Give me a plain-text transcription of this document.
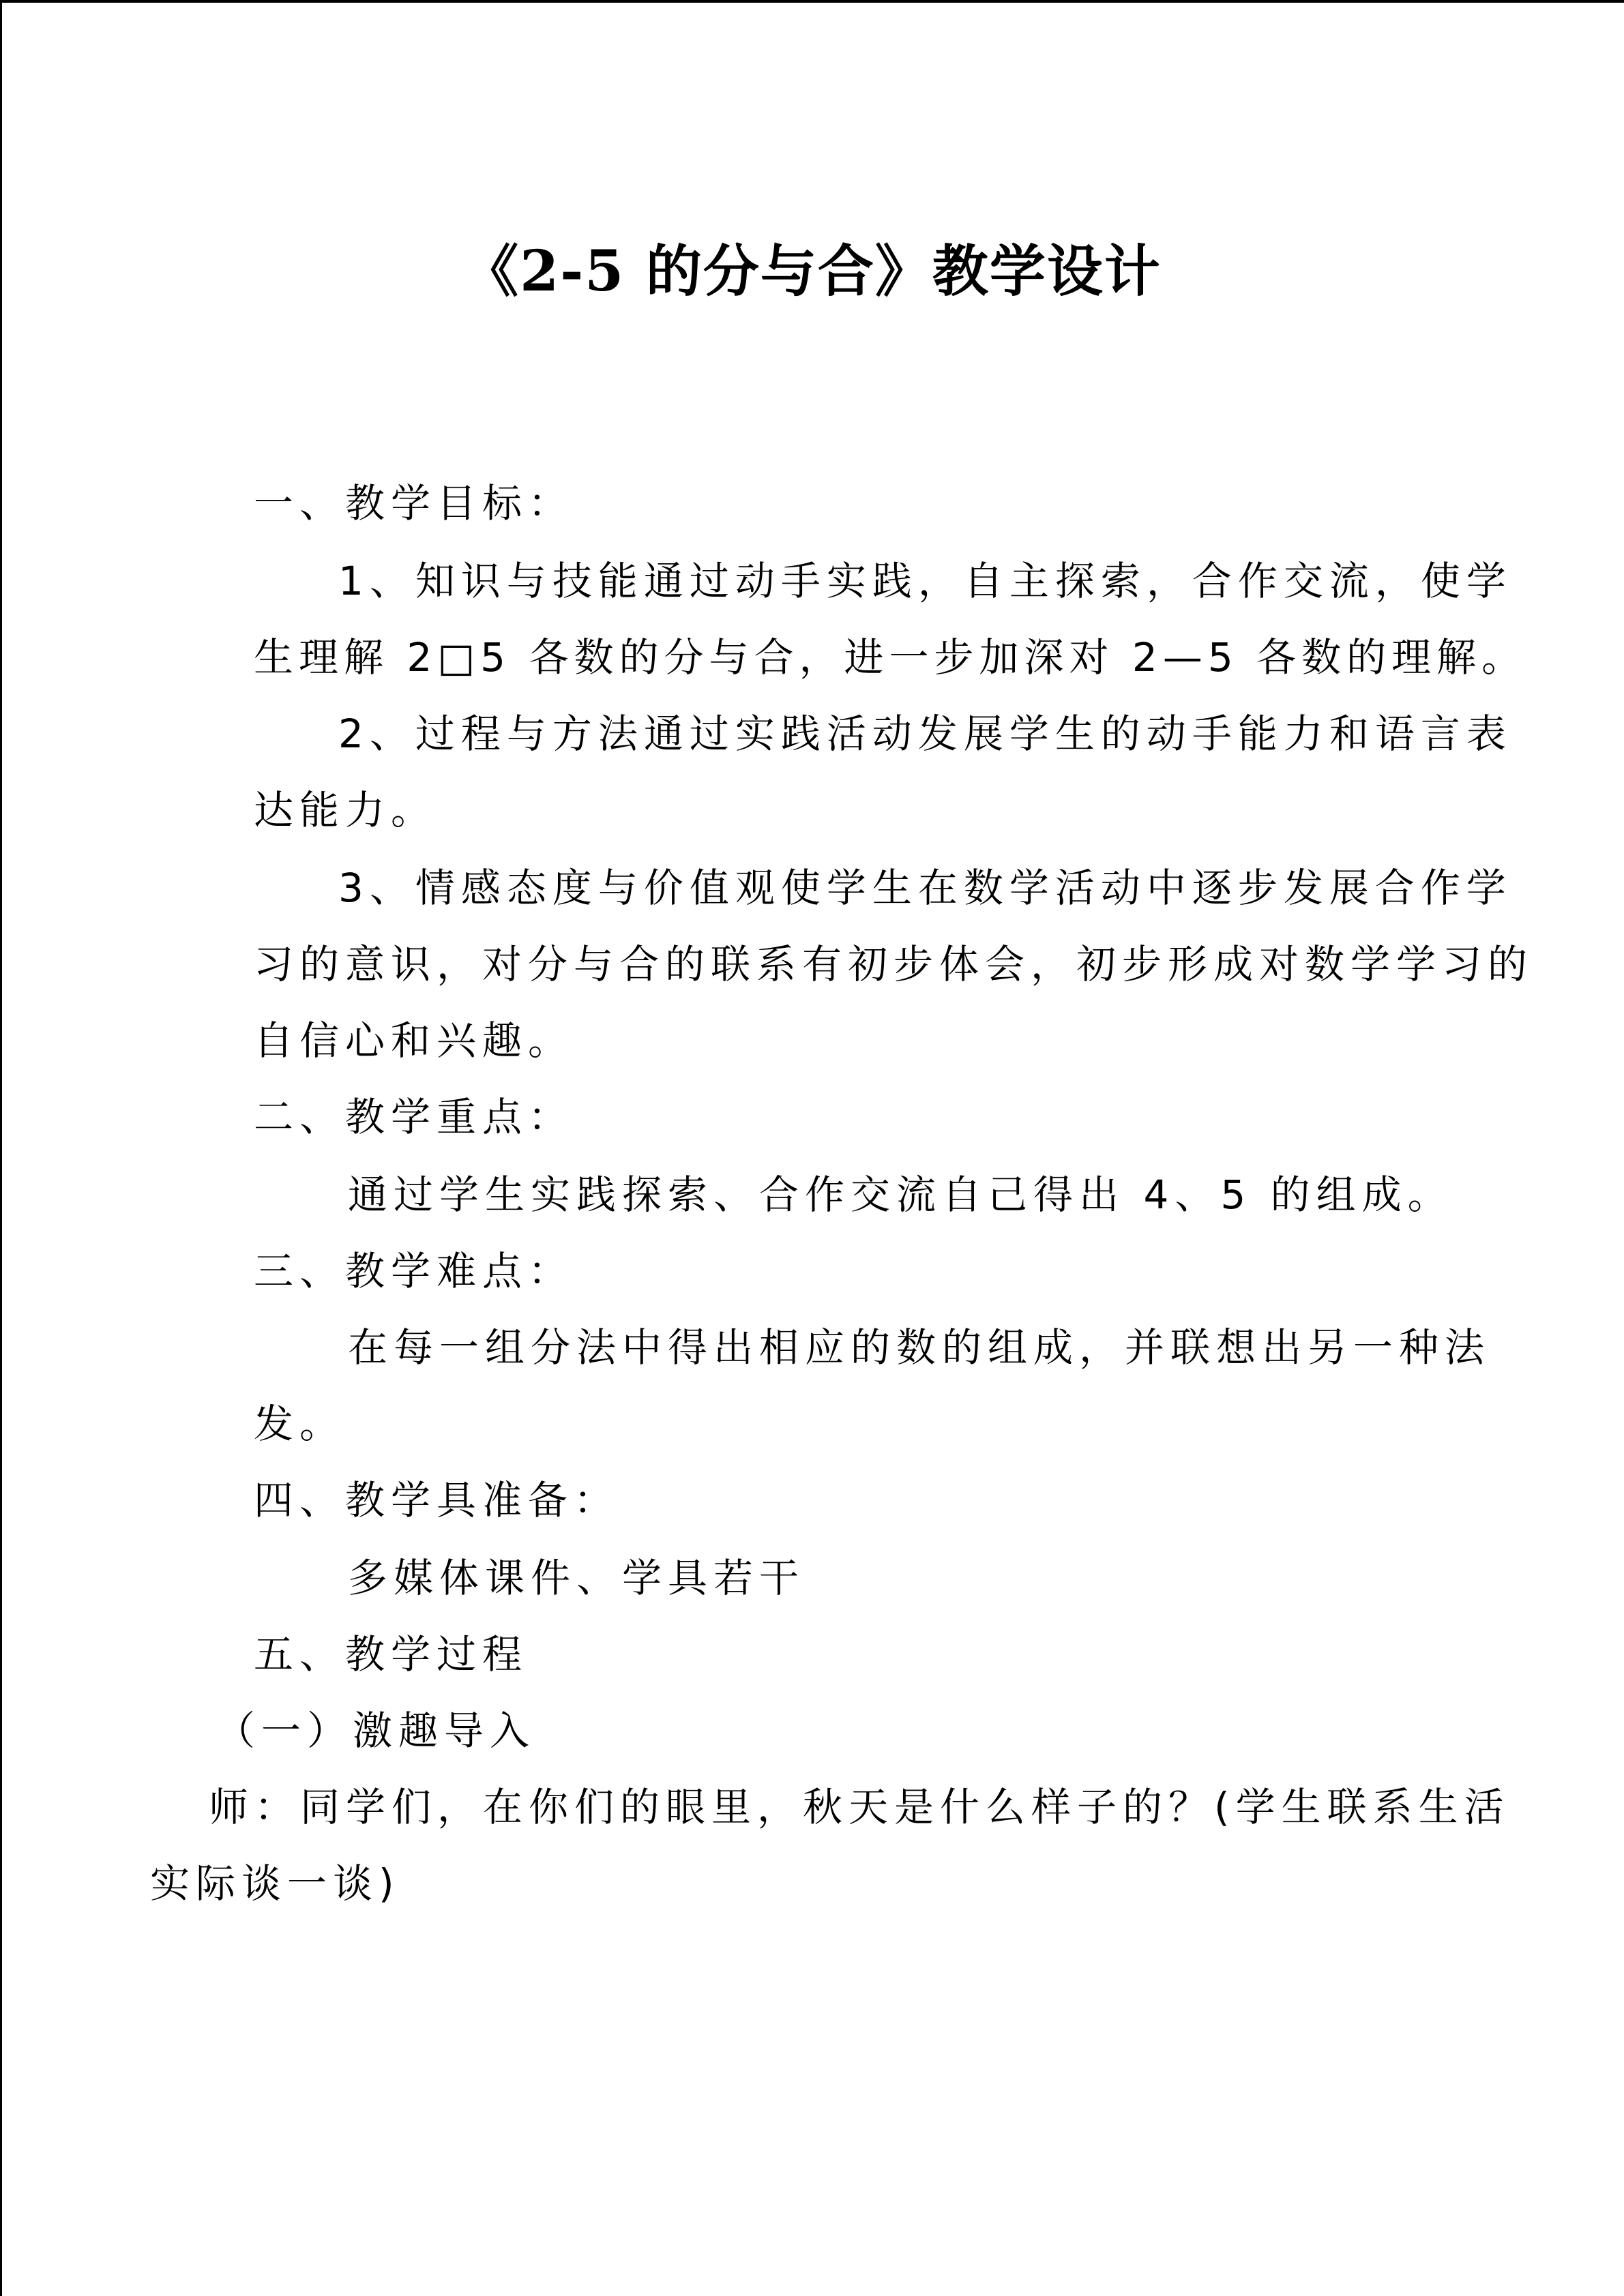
《2-5 的分与合》教学设计
一、教学目标：
1、知识与技能通过动手实践，自主探索，合作交流，使学
生理解 2□5 各数的分与合，进一步加深对 2—5 各数的理解。
2、过程与方法通过实践活动发展学生的动手能力和语言表
达能力。
3、情感态度与价值观使学生在数学活动中逐步发展合作学
习的意识，对分与合的联系有初步体会，初步形成对数学学习的
自信心和兴趣。
二、教学重点：
通过学生实践探索、合作交流自己得出 4、5 的组成。
三、教学难点：
在每一组分法中得出相应的数的组成，并联想出另一种法
发。
四、教学具准备：
多媒体课件、学具若干
五、教学过程
（一）激趣导入
师：同学们，在你们的眼里，秋天是什么样子的？(学生联系生活
实际谈一谈)
